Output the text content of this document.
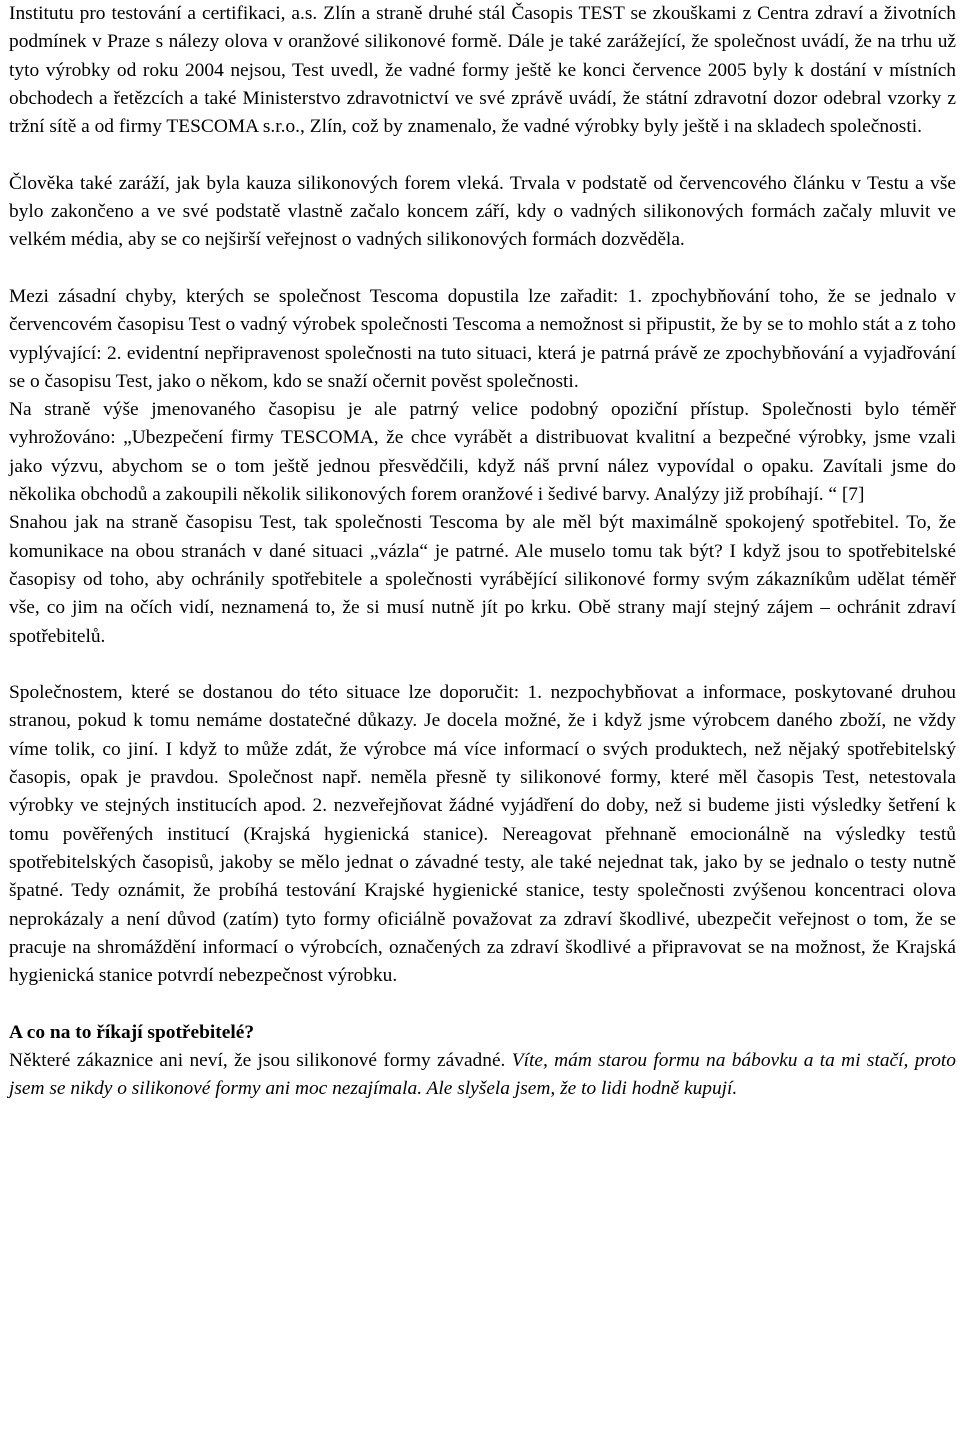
Institutu pro testování a certifikaci, a.s. Zlín a straně druhé stál Časopis TEST se zkouškami z Centra zdraví a životních podmínek v Praze s nálezy olova v oranžové silikonové formě. Dále je také zarážející, že společnost uvádí, že na trhu už tyto výrobky od roku 2004 nejsou, Test uvedl, že vadné formy ještě ke konci července 2005 byly k dostání v místních obchodech a řetězcích a také Ministerstvo zdravotnictví ve své zprávě uvádí, že státní zdravotní dozor odebral vzorky z tržní sítě a od firmy TESCOMA s.r.o., Zlín, což by znamenalo, že vadné výrobky byly ještě i na skladech společnosti.

Člověka také zaráží, jak byla kauza silikonových forem vleká. Trvala v podstatě od červencového článku v Testu a vše bylo zakončeno a ve své podstatě vlastně začalo koncem září, kdy o vadných silikonových formách začaly mluvit ve velkém média, aby se co nejširší veřejnost o vadných silikonových formách dozvěděla.

Mezi zásadní chyby, kterých se společnost Tescoma dopustila lze zařadit: 1. zpochybňování toho, že se jednalo v červencovém časopisu Test o vadný výrobek společnosti Tescoma a nemožnost si připustit, že by se to mohlo stát a z toho vyplývající: 2. evidentní nepřipravenost společnosti na tuto situaci, která je patrná právě ze zpochybňování a vyjadřování se o časopisu Test, jako o někom, kdo se snaží očernit pověst společnosti.

Na straně výše jmenovaného časopisu je ale patrný velice podobný opoziční přístup. Společnosti bylo téměř vyhrožováno: „Ubezpečení firmy TESCOMA, že chce vyrábět a distribuovat kvalitní a bezpečné výrobky, jsme vzali jako výzvu, abychom se o tom ještě jednou přesvědčili, když náš první nález vypovídal o opaku. Zavítali jsme do několika obchodů a zakoupili několik silikonových forem oranžové i šedivé barvy. Analýzy již probíhají. “ [7]

Snahou jak na straně časopisu Test, tak společnosti Tescoma by ale měl být maximálně spokojený spotřebitel. To, že komunikace na obou stranách v dané situaci „vázla“ je patrné. Ale muselo tomu tak být? I když jsou to spotřebitelské časopisy od toho, aby ochránily spotřebitele a společnosti vyrábějící silikonové formy svým zákazníkům udělat téměř vše, co jim na očích vidí, neznamená to, že si musí nutně jít po krku. Obě strany mají stejný zájem – ochránit zdraví spotřebitelů.

Společnostem, které se dostanou do této situace lze doporučit: 1. nezpochybňovat a informace, poskytované druhou stranou, pokud k tomu nemáme dostatečné důkazy. Je docela možné, že i když jsme výrobcem daného zboží, ne vždy víme tolik, co jiní. I když to může zdát, že výrobce má více informací o svých produktech, než nějaký spotřebitelský časopis, opak je pravdou. Společnost např. neměla přesně ty silikonové formy, které měl časopis Test, netestovala výrobky ve stejných institucích apod. 2. nezveřejňovat žádné vyjádření do doby, než si budeme jisti výsledky šetření k tomu pověřených institucí (Krajská hygienická stanice). Nereagovat přehnaně emocionálně na výsledky testů spotřebitelských časopisů, jakoby se mělo jednat o závadné testy, ale také nejednat tak, jako by se jednalo o testy nutně špatné. Tedy oznámit, že probíhá testování Krajské hygienické stanice, testy společnosti zvýšenou koncentraci olova neprokázaly a není důvod (zatím) tyto formy oficiálně považovat za zdraví škodlivé, ubezpečit veřejnost o tom, že se pracuje na shromáždění informací o výrobcích, označených za zdraví škodlivé a připravovat se na možnost, že Krajská hygienická stanice potvrdí nebezpečnost výrobku.

A co na to říkají spotřebitelé?

Některé zákaznice ani neví, že jsou silikonové formy závadné. Víte, mám starou formu na bábovku a ta mi stačí, proto jsem se nikdy o silikonové formy ani moc nezajímala. Ale slyšela jsem, že to lidi hodně kupují.
